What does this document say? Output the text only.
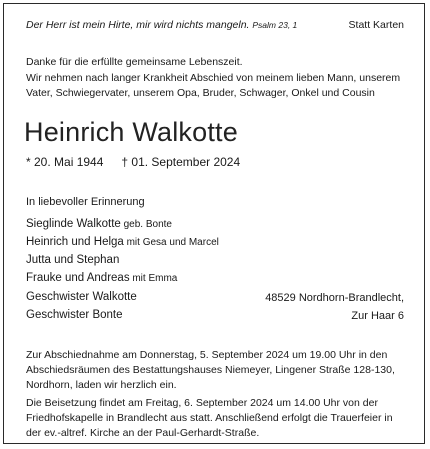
Der Herr ist mein Hirte, mir wird nichts mangeln. Psalm 23, 1	Statt Karten
Danke für die erfüllte gemeinsame Lebenszeit.
Wir nehmen nach langer Krankheit Abschied von meinem lieben Mann, unserem
Vater, Schwiegervater, unserem Opa, Bruder, Schwager, Onkel und Cousin
Heinrich Walkotte
* 20. Mai 1944 † 01. September 2024
In liebevoller Erinnerung
Sieglinde Walkotte geb. Bonte
Heinrich und Helga mit Gesa und Marcel
Jutta und Stephan
Frauke und Andreas mit Emma
Geschwister Walkotte
Geschwister Bonte
48529 Nordhorn-Brandlecht,
Zur Haar 6
Zur Abschiednahme am Donnerstag, 5. September 2024 um 19.00 Uhr in den
Abschiedsräumen des Bestattungshauses Niemeyer, Lingener Straße 128-130,
Nordhorn, laden wir herzlich ein.
Die Beisetzung findet am Freitag, 6. September 2024 um 14.00 Uhr von der
Friedhofskapelle in Brandlecht aus statt. Anschließend erfolgt die Trauerfeier in
der ev.-altref. Kirche an der Paul-Gerhardt-Straße.
